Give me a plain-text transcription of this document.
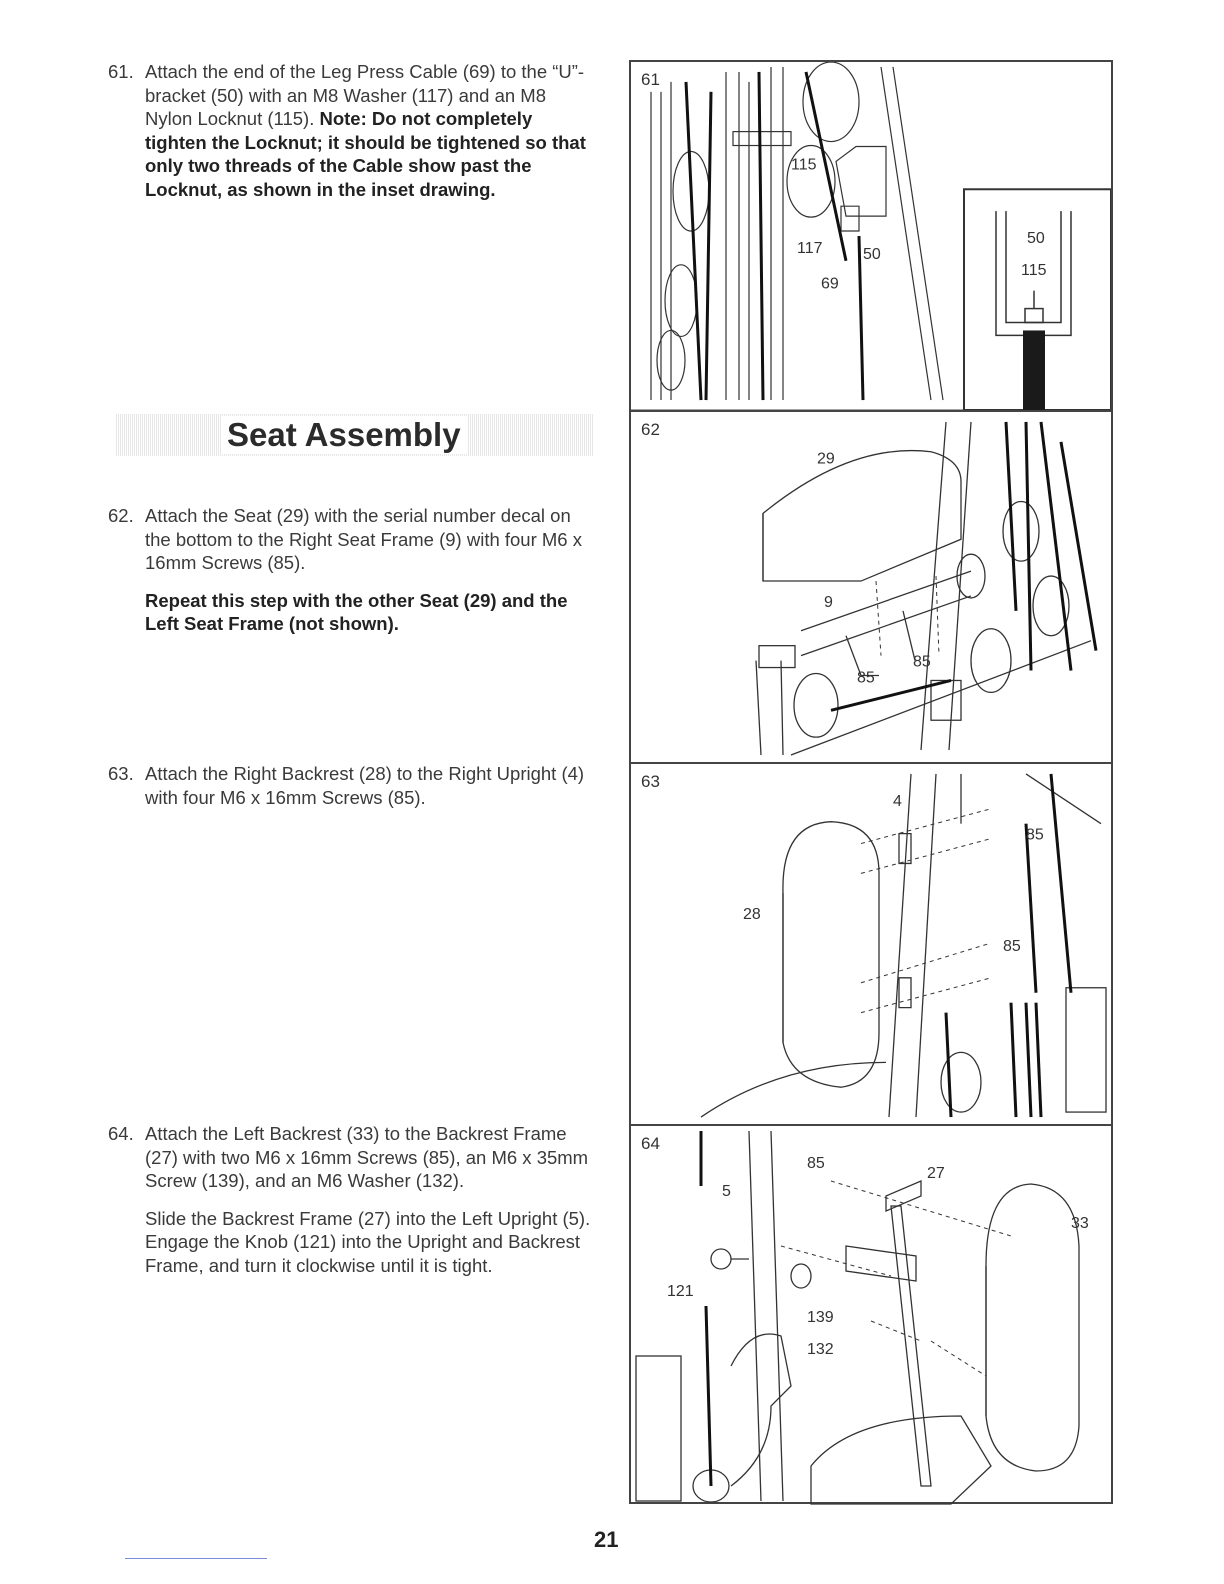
61. Attach the end of the Leg Press Cable (69) to the “U”-bracket (50) with an M8 Washer (117) and an M8 Nylon Locknut (115). Note: Do not completely tighten the Locknut; it should be tightened so that only two threads of the Cable show past the Locknut, as shown in the inset drawing.

Seat Assembly
62. Attach the Seat (29) with the serial number decal on the bottom to the Right Seat Frame (9) with four M6 x 16mm Screws (85).

Repeat this step with the other Seat (29) and the Left Seat Frame (not shown).

63. Attach the Right Backrest (28) to the Right Upright (4) with four M6 x 16mm Screws (85).

64. Attach the Left Backrest (33) to the Backrest Frame (27) with two M6 x 16mm Screws (85), an M6 x 35mm Screw (139), and an M6 Washer (132).

Slide the Backrest Frame (27) into the Left Upright (5). Engage the Knob (121) into the Upright and Backrest Frame, and turn it clockwise until it is tight.

115
117	50
69
50
115
61
29
9
85
85
62
4
85
28
85
63
85
27
5
33
121
139
132
64
21
